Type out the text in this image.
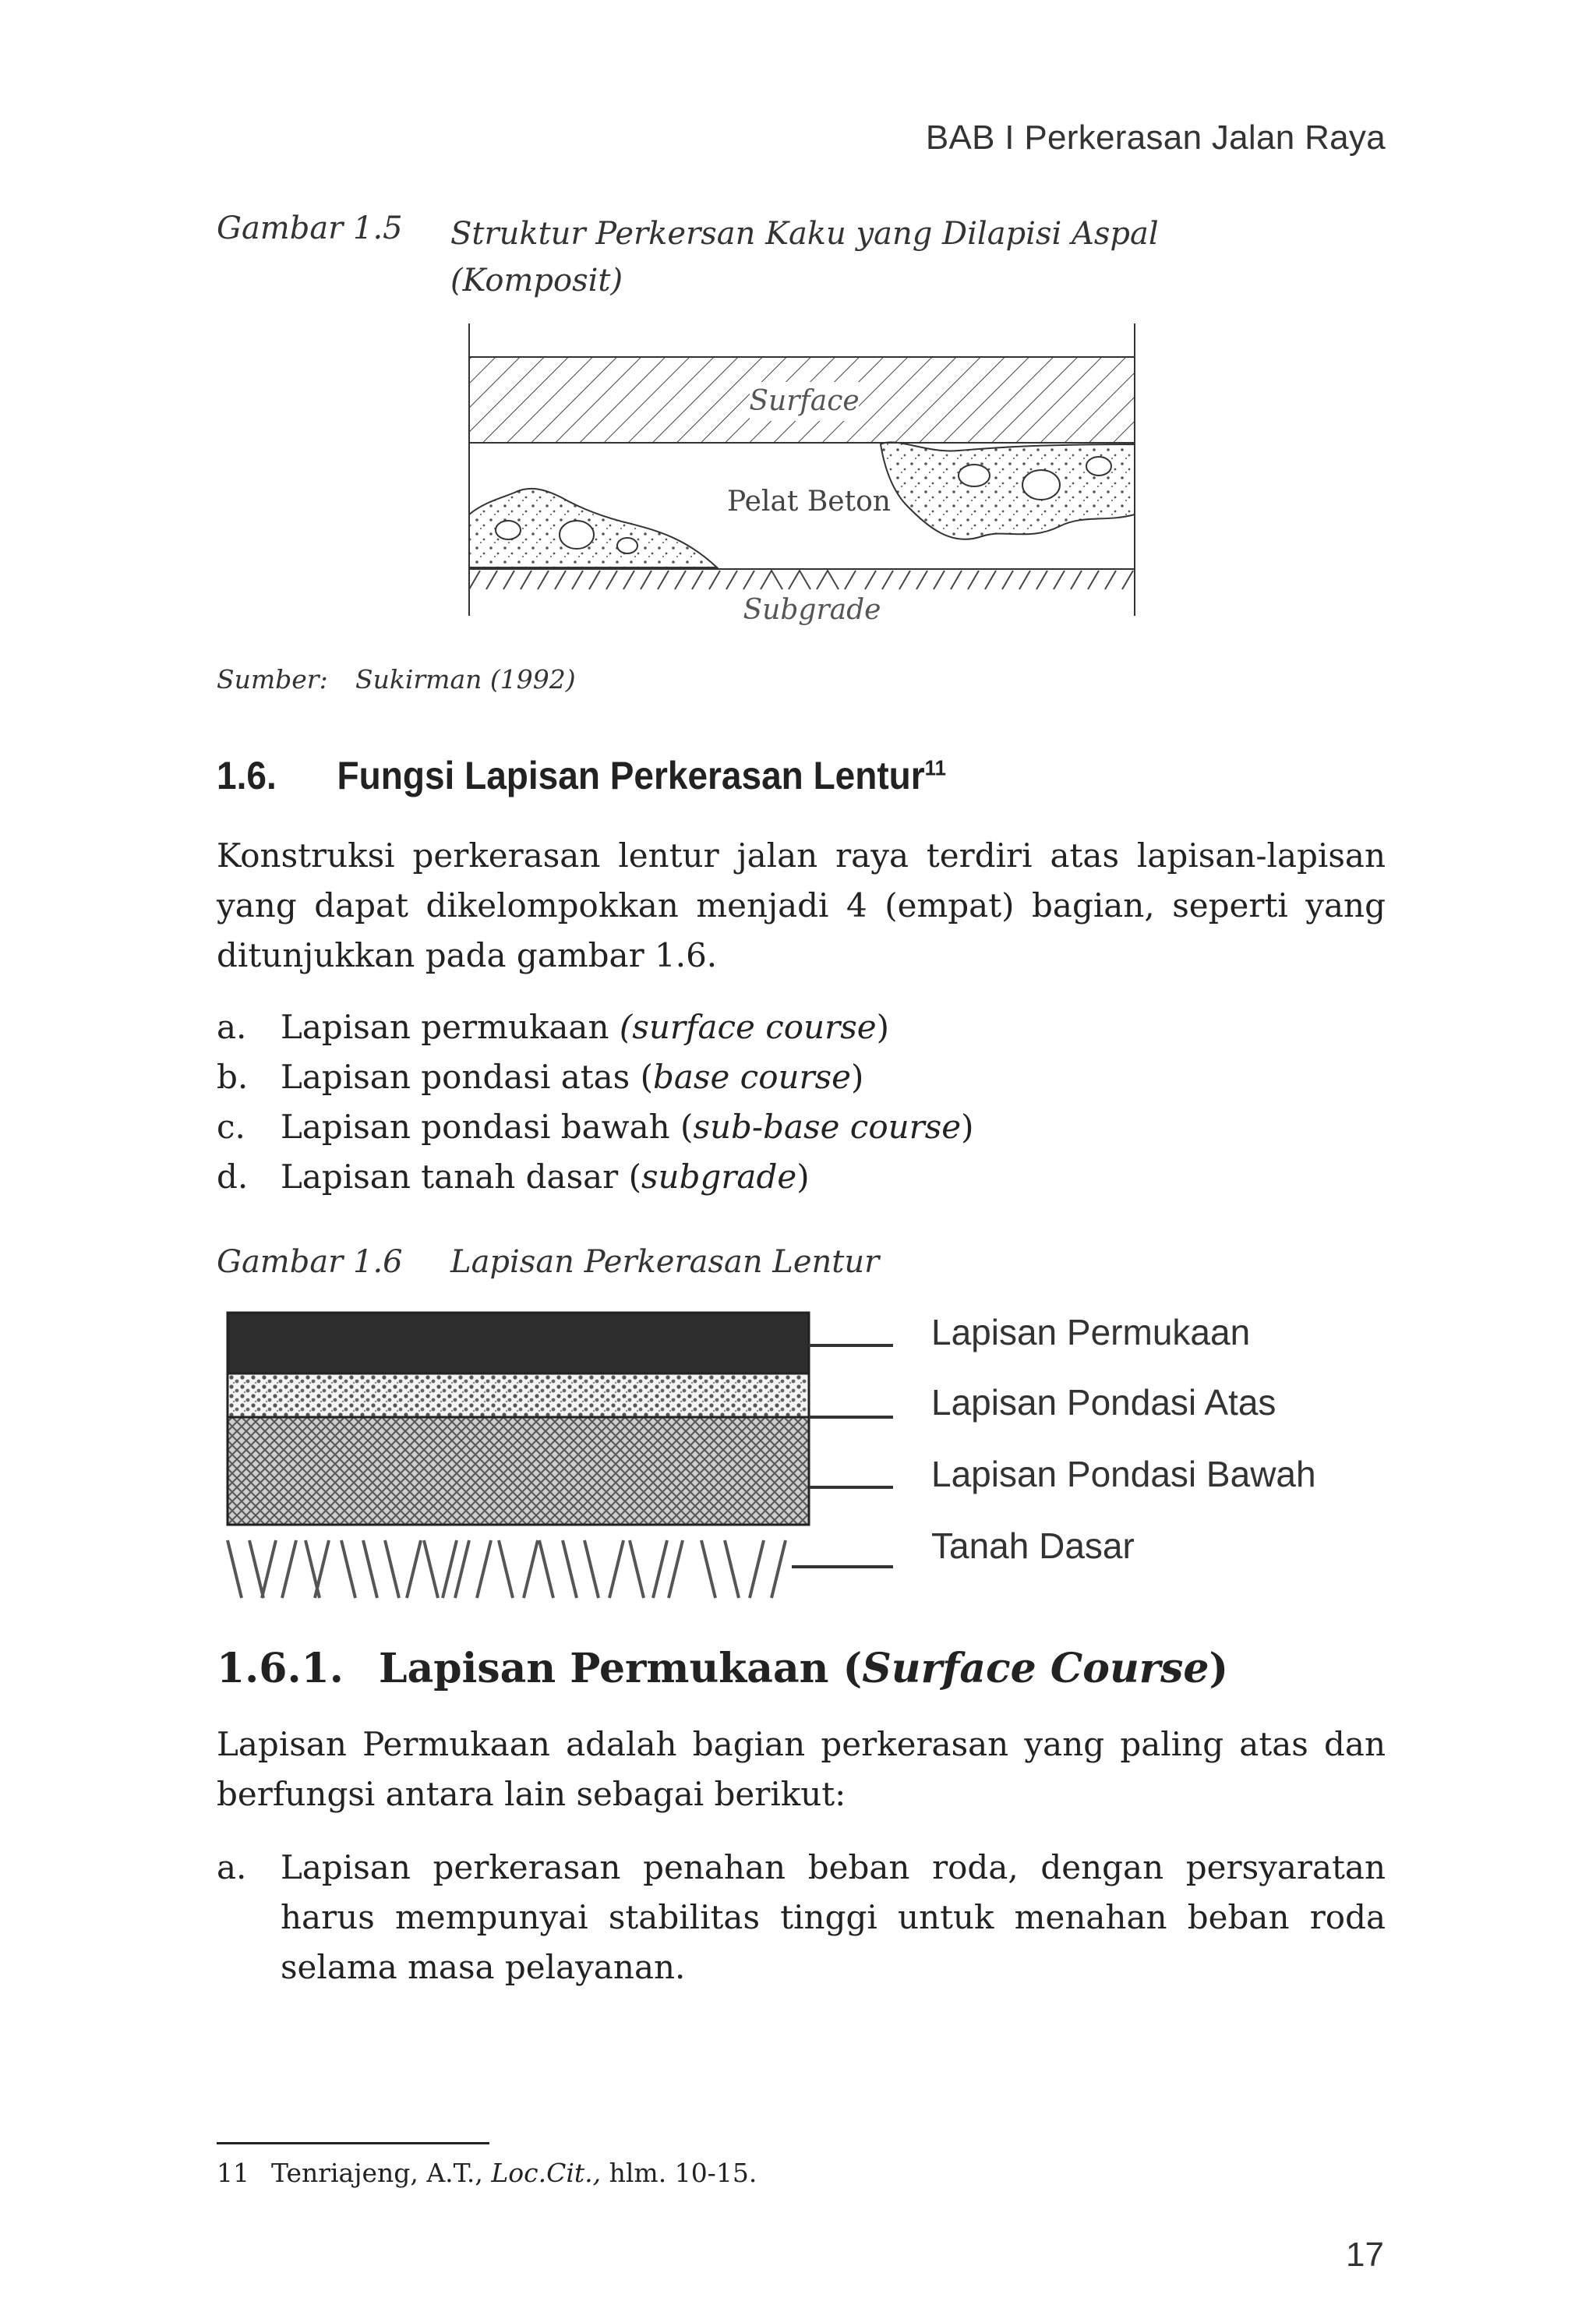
BAB I Perkerasan Jalan Raya
Gambar 1.5 Struktur Perkersan Kaku yang Dilapisi Aspal
(Komposit)
Surface
Pelat Beton
Subgrade
Sumber: Sukirman (1992)
1.6. Fungsi Lapisan Perkerasan Lentur$^{11}$
Konstruksi perkerasan lentur jalan raya terdiri atas lapisan-lapisan yang dapat dikelompokkan menjadi 4 (empat) bagian, seperti yang ditunjukkan pada gambar 1.6.
a. Lapisan permukaan (surface course)
b. Lapisan pondasi atas (base course)
c. Lapisan pondasi bawah (sub-base course)
d. Lapisan tanah dasar (subgrade)
Gambar 1.6 Lapisan Perkerasan Lentur
Lapisan Permukaan
Lapisan Pondasi Atas
Lapisan Pondasi Bawah
Tanah Dasar
1.6.1. Lapisan Permukaan (Surface Course)
Lapisan Permukaan adalah bagian perkerasan yang paling atas dan berfungsi antara lain sebagai berikut:
a. Lapisan perkerasan penahan beban roda, dengan persyaratan harus mempunyai stabilitas tinggi untuk menahan beban roda selama masa pelayanan.
11 Tenriajeng, A.T., Loc.Cit., hlm. 10-15.
17
